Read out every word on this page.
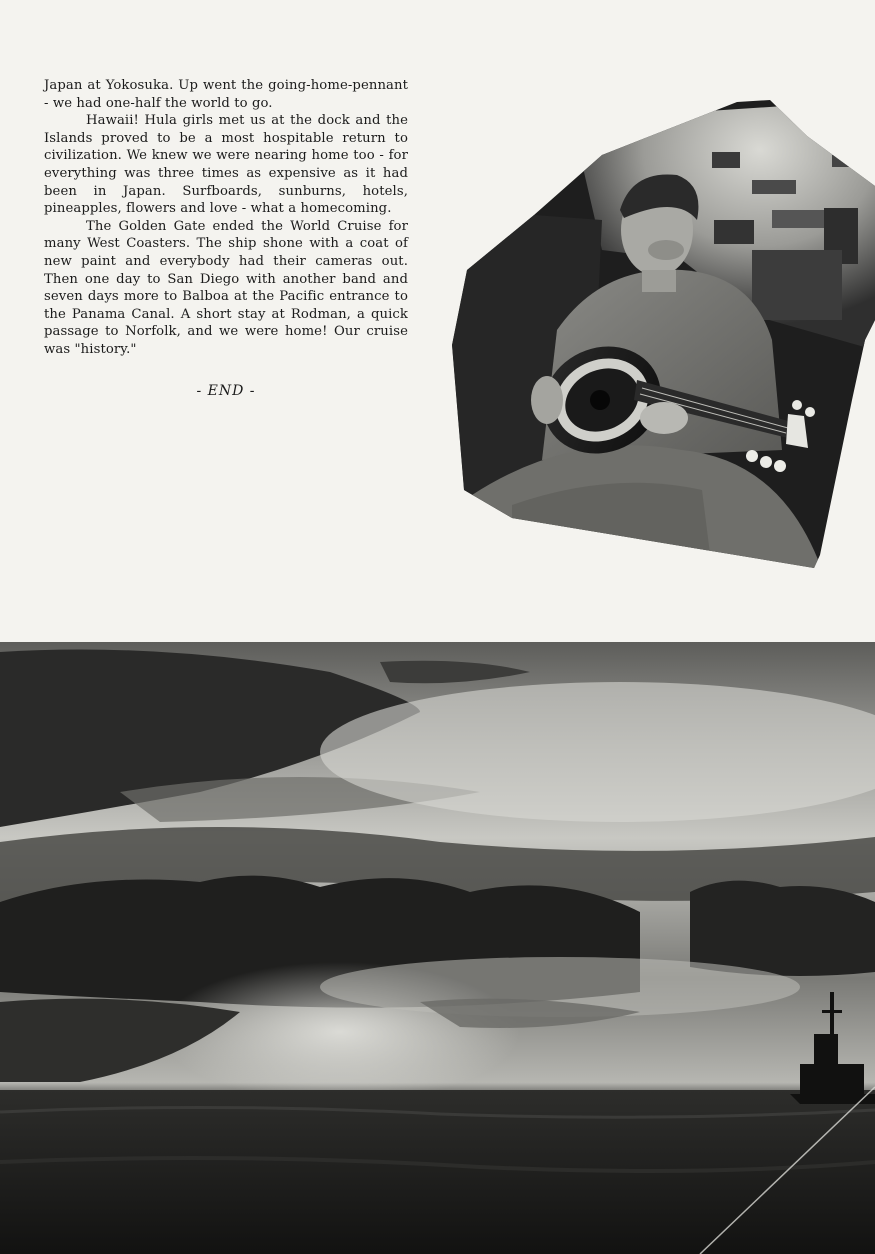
Japan at Yokosuka. Up went the going-home-pennant - we had one-half the world to go.

Hawaii! Hula girls met us at the dock and the Islands proved to be a most hospitable return to civilization. We knew we were nearing home too - for everything was three times as expensive as it had been in Japan. Surfboards, sunburns, hotels, pineapples, flowers and love - what a homecoming.

The Golden Gate ended the World Cruise for many West Coasters. The ship shone with a coat of new paint and everybody had their cameras out. Then one day to San Diego with another band and seven days more to Balboa at the Pacific entrance to the Panama Canal. A short stay at Rodman, a quick passage to Norfolk, and we were home! Our cruise was "history."

- END -
